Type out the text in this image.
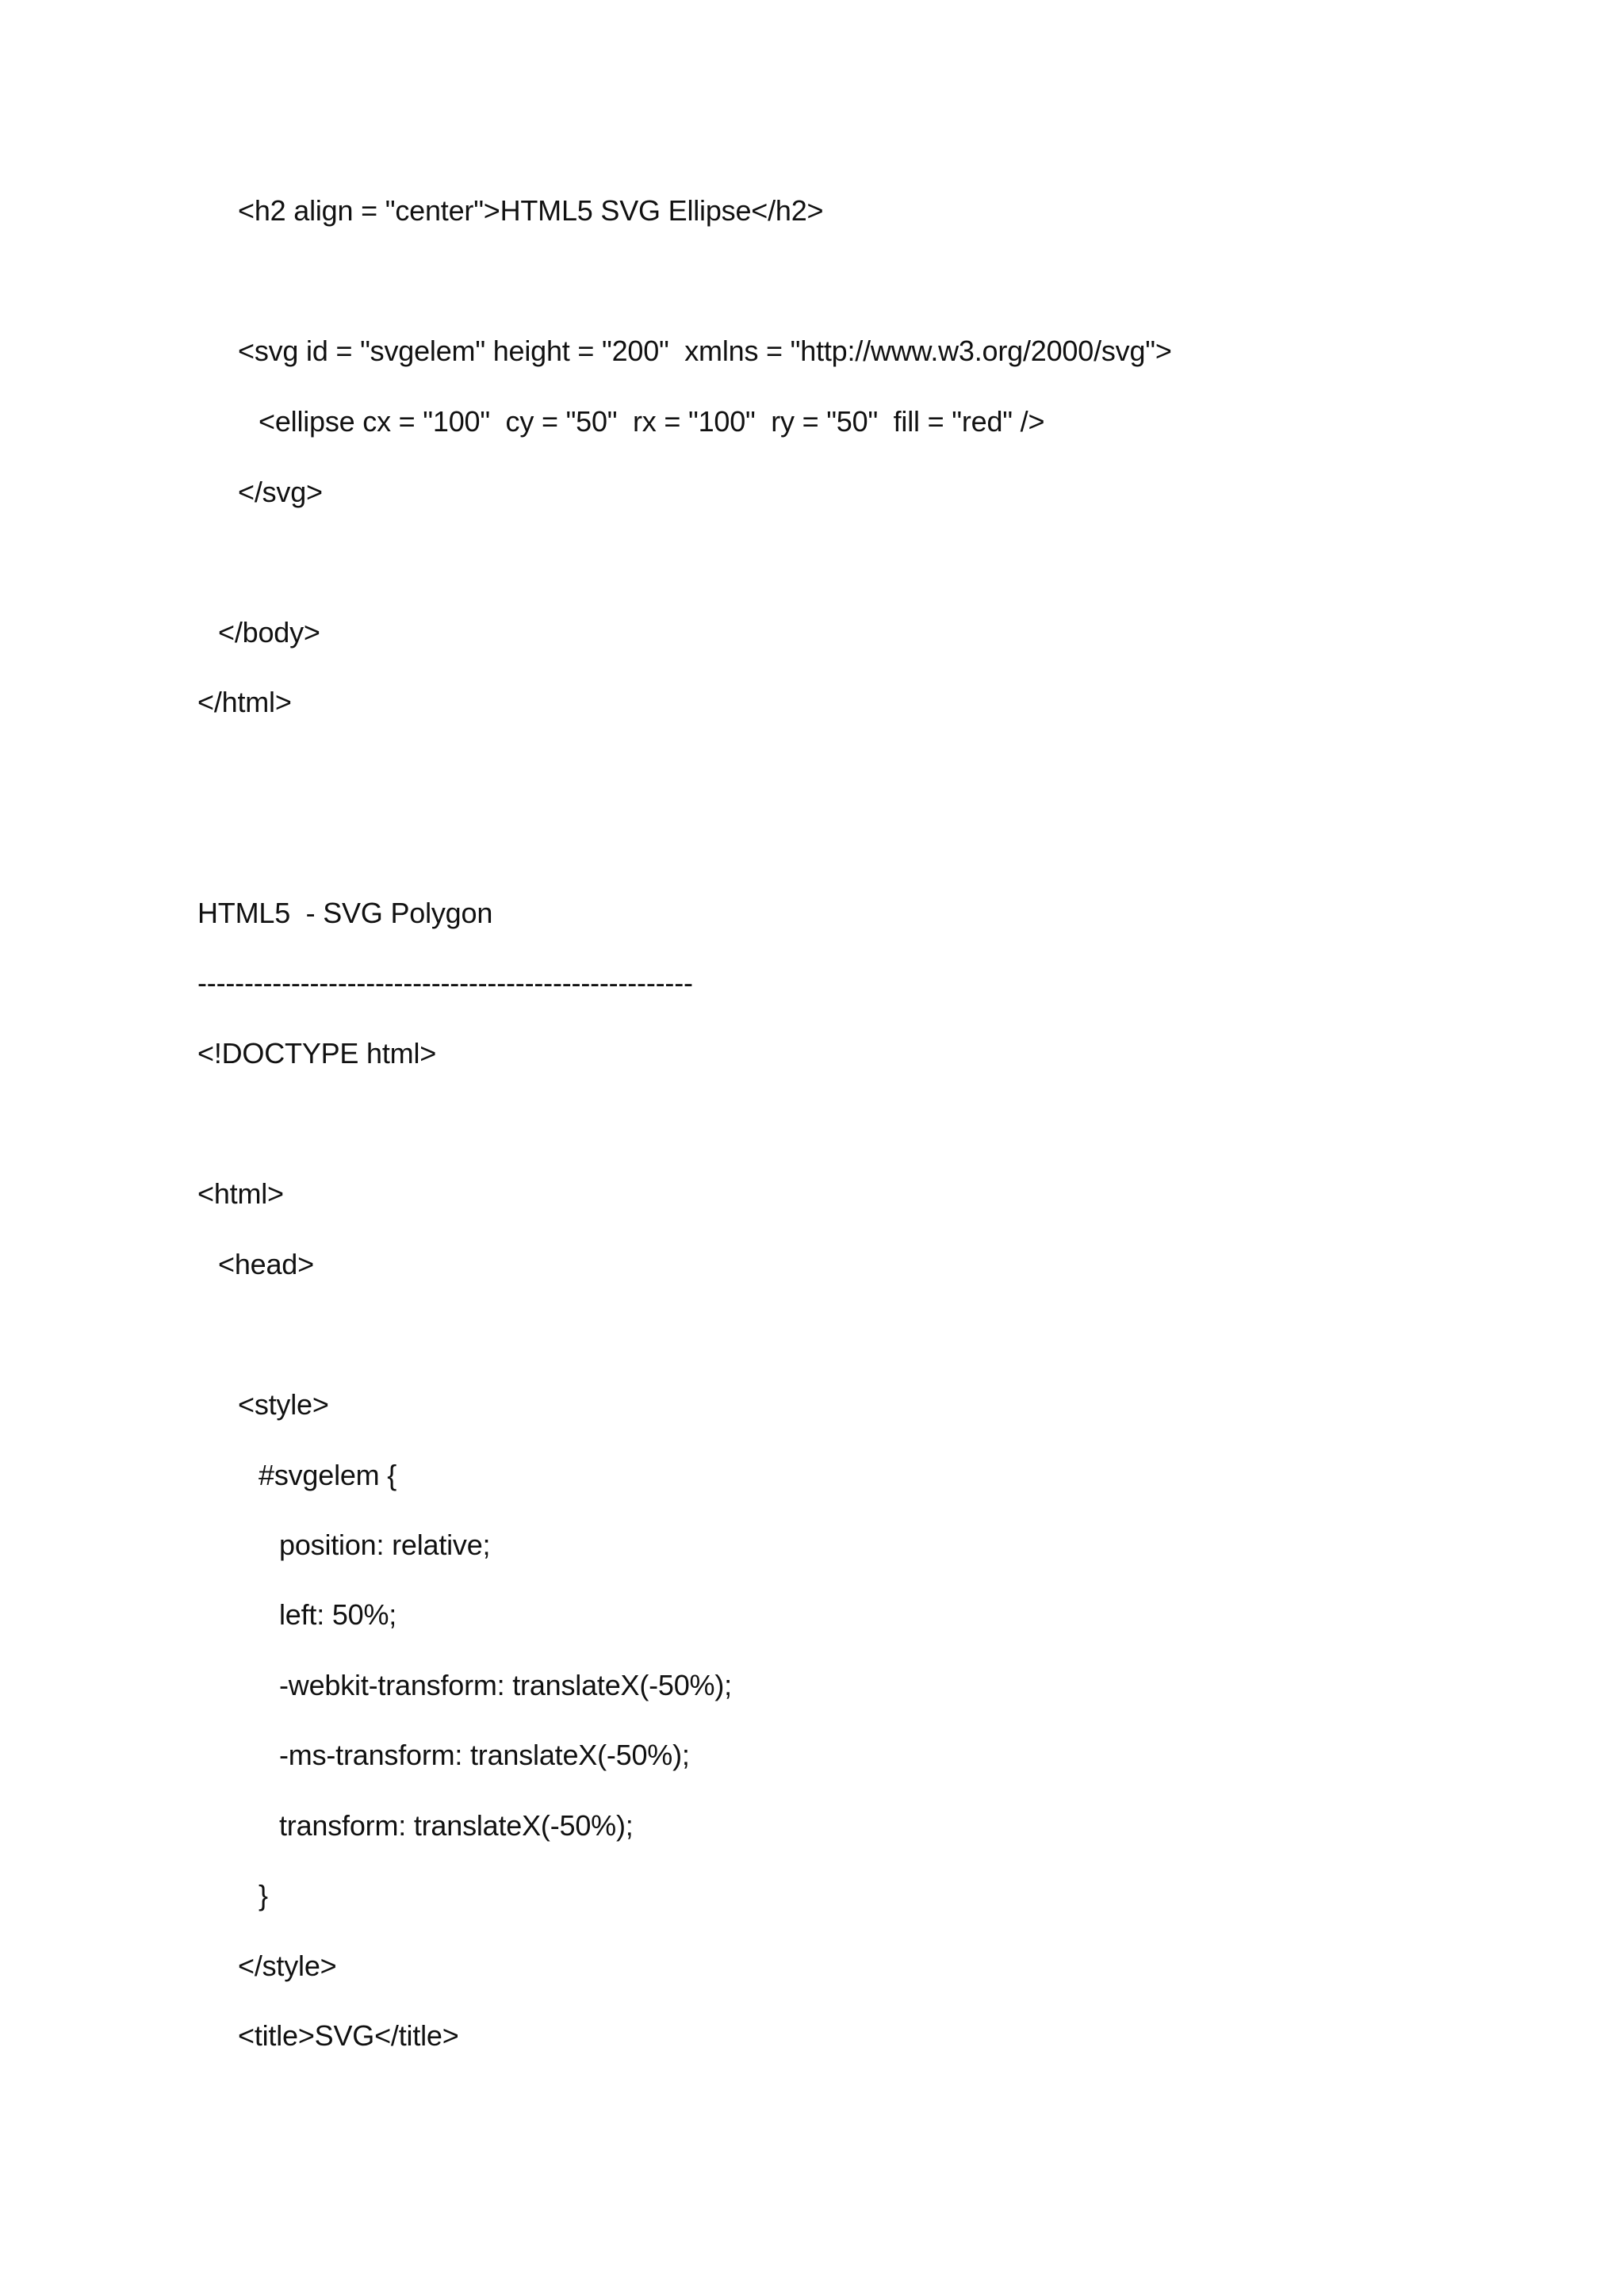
<h2 align = "center">HTML5 SVG Ellipse</h2>
<svg id = "svgelem" height = "200"  xmlns = "http://www.w3.org/2000/svg">
<ellipse cx = "100"  cy = "50"  rx = "100"  ry = "50"  fill = "red" />
</svg>
</body>
</html>
HTML5  - SVG Polygon
-----------------------------------------------------
<!DOCTYPE html>
<html>
<head>
<style>
#svgelem {
position: relative;
left: 50%;
-webkit-transform: translateX(-50%);
-ms-transform: translateX(-50%);
transform: translateX(-50%);
}
</style>
<title>SVG</title>
